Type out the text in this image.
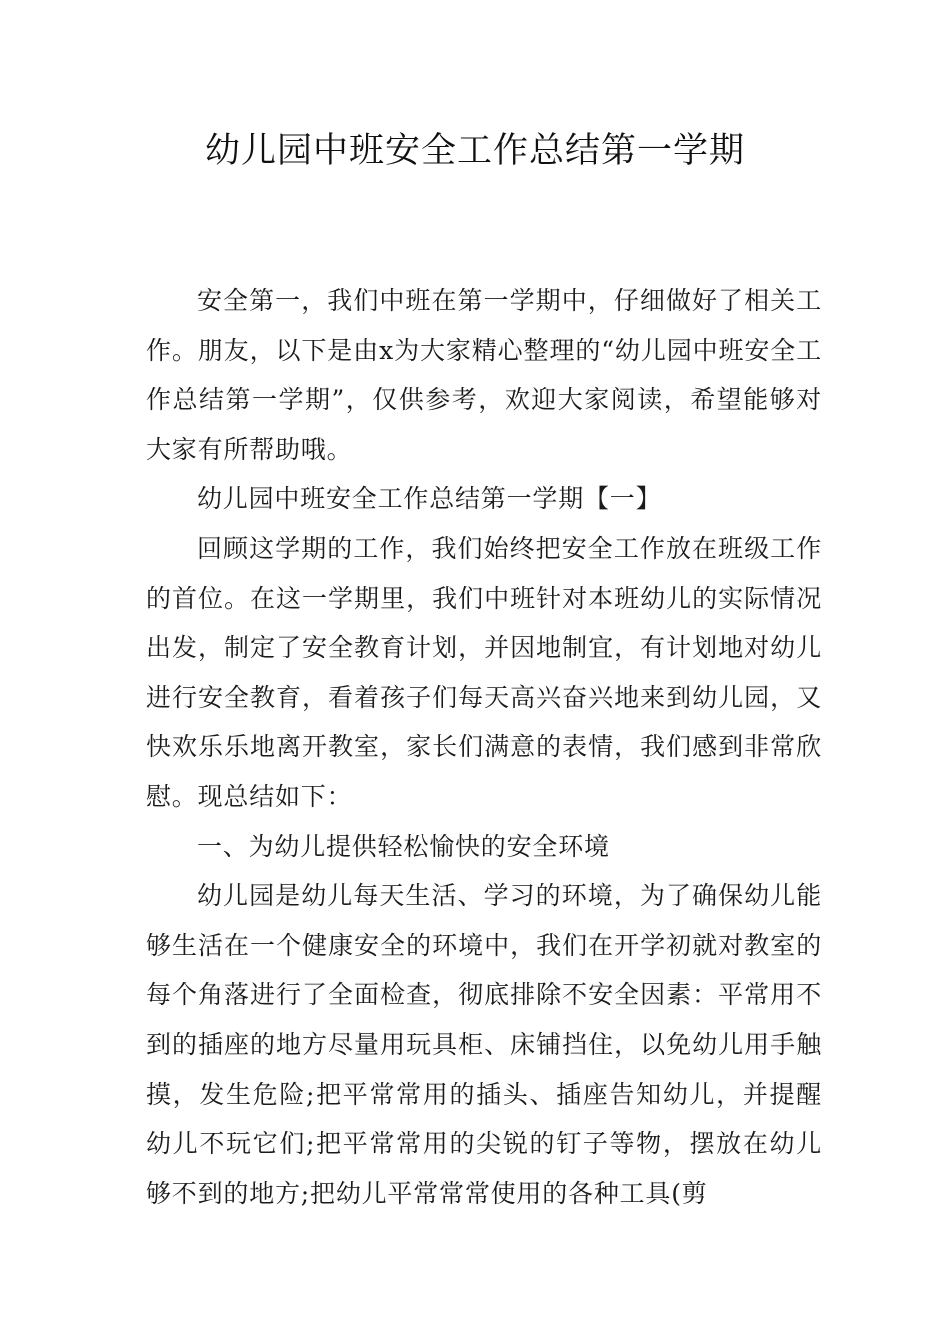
幼儿园中班安全工作总结第一学期

安全第一，我们中班在第一学期中，仔细做好了相关工作。朋友，以下是由x为大家精心整理的“幼儿园中班安全工作总结第一学期”，仅供参考，欢迎大家阅读，希望能够对大家有所帮助哦。

幼儿园中班安全工作总结第一学期【一】

回顾这学期的工作，我们始终把安全工作放在班级工作的首位。在这一学期里，我们中班针对本班幼儿的实际情况出发，制定了安全教育计划，并因地制宜，有计划地对幼儿进行安全教育，看着孩子们每天高兴奋兴地来到幼儿园，又快欢乐乐地离开教室，家长们满意的表情，我们感到非常欣慰。现总结如下：

一、为幼儿提供轻松愉快的安全环境

幼儿园是幼儿每天生活、学习的环境，为了确保幼儿能够生活在一个健康安全的环境中，我们在开学初就对教室的每个角落进行了全面检查，彻底排除不安全因素：平常用不到的插座的地方尽量用玩具柜、床铺挡住，以免幼儿用手触摸，发生危险;把平常常用的插头、插座告知幼儿，并提醒幼儿不玩它们;把平常常用的尖锐的钉子等物，摆放在幼儿够不到的地方;把幼儿平常常常使用的各种工具(剪
